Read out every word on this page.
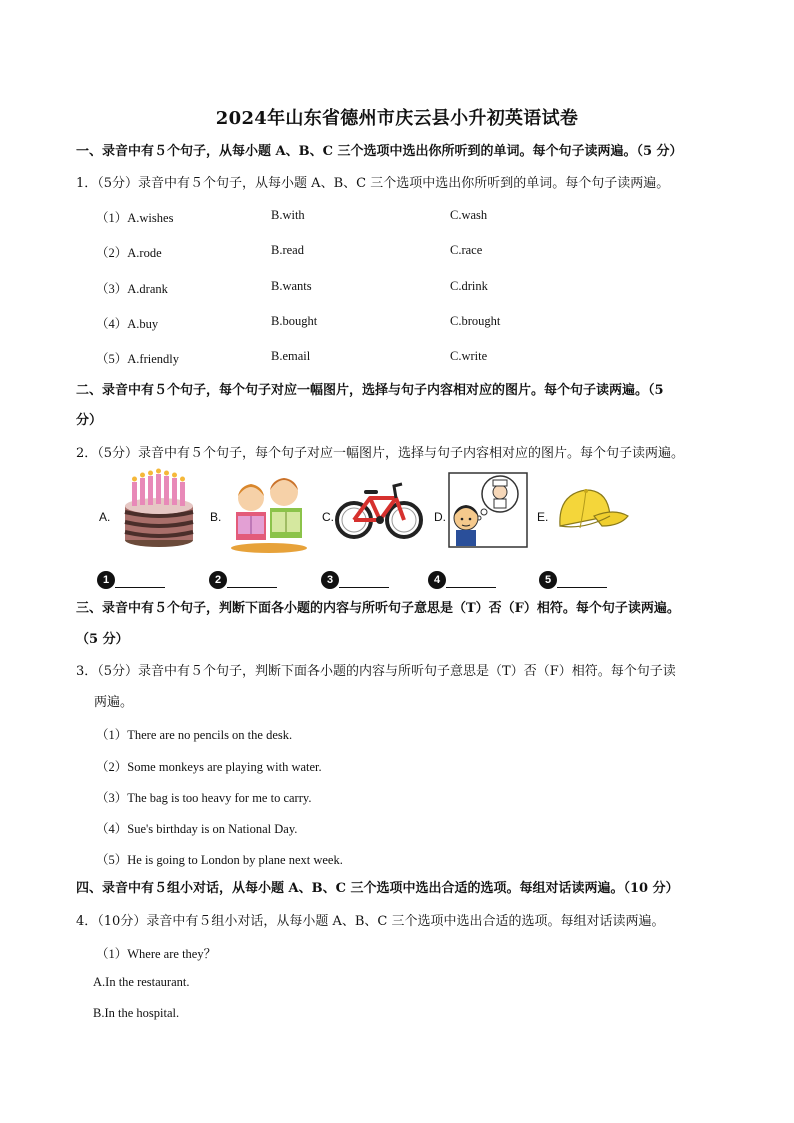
2024年山东省德州市庆云县小升初英语试卷
一、录音中有５个句子，从每小题 A、B、C 三个选项中选出你所听到的单词。每个句子读两遍。（5 分）
1．（5分）录音中有５个句子，从每小题 A、B、C 三个选项中选出你所听到的单词。每个句子读两遍。
（1）A.wishes	B.with	C.wash
（2）A.rode	B.read	C.race
（3）A.drank	B.wants	C.drink
（4）A.buy	B.bought	C.brought
（5）A.friendly	B.email	C.write
二、录音中有５个句子，每个句子对应一幅图片，选择与句子内容相对应的图片。每个句子读两遍。（5
分）
2．（5分）录音中有５个句子，每个句子对应一幅图片，选择与句子内容相对应的图片。每个句子读两遍。
A.	B.	C.	D.	E.
1	2	3	4	5
三、录音中有５个句子，判断下面各小题的内容与所听句子意思是（T）否（F）相符。每个句子读两遍。
（5 分）
3．（5分）录音中有５个句子，判断下面各小题的内容与所听句子意思是（T）否（F）相符。每个句子读
两遍。
（1）There are no pencils on the desk.
（2）Some monkeys are playing with water.
（3）The bag is too heavy for me to carry.
（4）Sue's birthday is on National Day.
（5）He is going to London by plane next week.
四、录音中有５组小对话，从每小题 A、B、C 三个选项中选出合适的选项。每组对话读两遍。（10 分）
4．（10分）录音中有５组小对话，从每小题 A、B、C 三个选项中选出合适的选项。每组对话读两遍。
（1）Where are they？
A.In the restaurant.
B.In the hospital.
